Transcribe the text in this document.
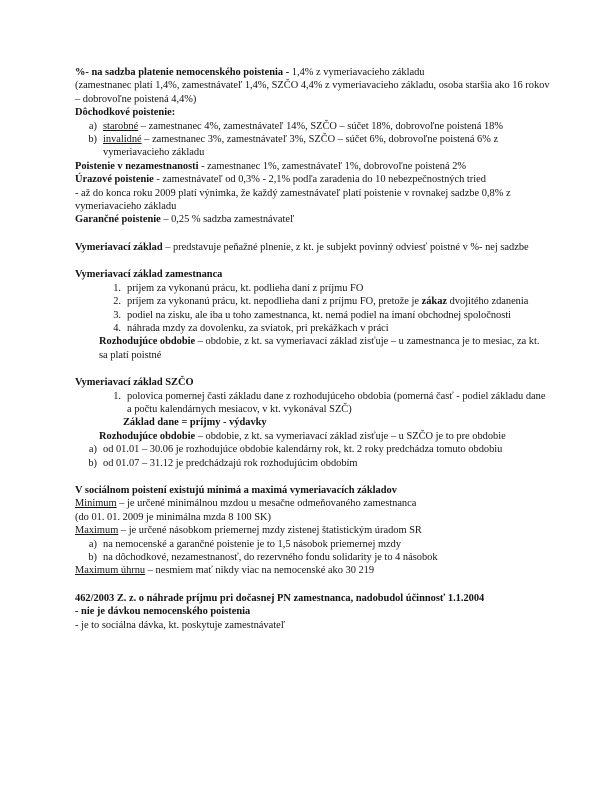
%- na sadzba platenie nemocenského poistenia - 1,4% z vymeriavacieho základu

(zamestnanec platí 1,4%, zamestnávateľ 1,4%, SZČO 4,4% z vymeriavacieho základu, osoba staršia ako 16 rokov – dobrovoľne poistená 4,4%)

Dôchodkové poistenie:

a) starobné – zamestnanec 4%, zamestnávateľ 14%, SZČO – súčet 18%, dobrovoľne poistená 18%
b) invalidné – zamestnanec 3%, zamestnávateľ 3%, SZČO – súčet 6%, dobrovoľne poistená 6% z vymeriavacieho základu

Poistenie v nezamestnanosti - zamestnanec 1%, zamestnávateľ 1%, dobrovoľne poistená 2%

Úrazové poistenie - zamestnávateľ od 0,3% - 2,1% podľa zaradenia do 10 nebezpečnostných tried

- až do konca roku 2009 platí výnimka, že každý zamestnávateľ platí poistenie v rovnakej sadzbe 0,8% z vymeriavacieho základu

Garančné poistenie – 0,25 % sadzba zamestnávateľ

Vymeriavací základ – predstavuje peňažné plnenie, z kt. je subjekt povinný odviesť poistné v %- nej sadzbe

Vymeriavací základ zamestnanca

1. príjem za vykonanú prácu, kt. podlieha daní z príjmu FO
2. príjem za vykonanú prácu, kt. nepodlieha daní z príjmu FO, pretože je zákaz dvojitého zdanenia
3. podiel na zisku, ale iba u toho zamestnanca, kt. nemá podiel na imaní obchodnej spoločnosti
4. náhrada mzdy za dovolenku, za sviatok, pri prekážkach v práci

Rozhodujúce obdobie – obdobie, z kt. sa vymeriavací základ zisťuje – u zamestnanca je to mesiac, za kt. sa platí poistné

Vymeriavací základ SZČO

1. polovica pomernej časti základu dane z rozhodujúceho obdobia (pomerná časť - podiel základu dane a počtu kalendárnych mesiacov, v kt. vykonával SZČ)

Základ dane = príjmy - výdavky

Rozhodujúce obdobie – obdobie, z kt. sa vymeriavací základ zisťuje – u SZČO je to pre obdobie

a) od 01.01 – 30.06 je rozhodujúce obdobie kalendárny rok, kt. 2 roky predchádza tomuto obdobiu
b) od 01.07 – 31.12 je predchádzajú rok rozhodujúcim obdobím

V sociálnom poistení existujú minimá a maximá vymeriavacích základov

Minimum – je určené minimálnou mzdou u mesačne odmeňovaného zamestnanca

(do 01. 01. 2009 je minimálna mzda 8 100 SK)

Maximum – je určené násobkom priemernej mzdy zistenej štatistickým úradom SR

a) na nemocenské a garančné poistenie je to 1,5 násobok priemernej mzdy
b) na dôchodkové, nezamestnanosť, do rezervného fondu solidarity je to 4 násobok

Maximum úhrnu – nesmiem mať nikdy viac na nemocenské ako 30 219

462/2003 Z. z. o náhrade príjmu pri dočasnej PN zamestnanca, nadobudol účinnosť 1.1.2004

- nie je dávkou nemocenského poistenia

- je to sociálna dávka, kt. poskytuje zamestnávateľ
